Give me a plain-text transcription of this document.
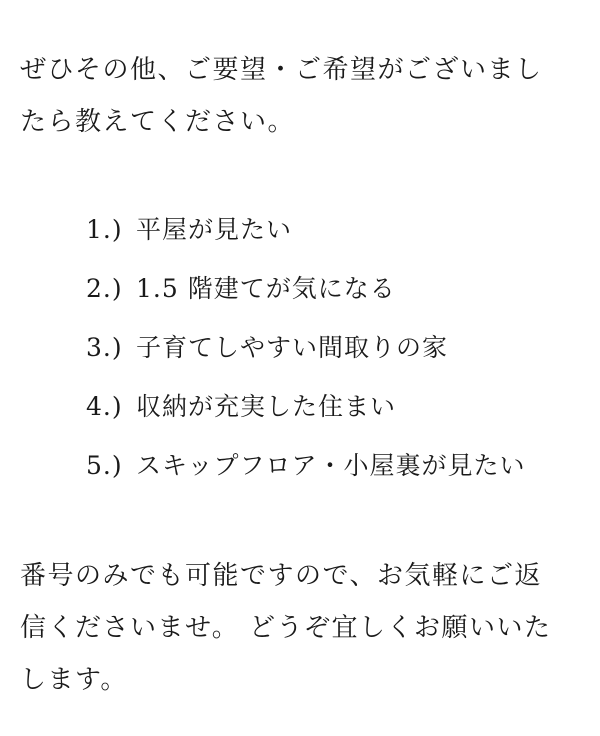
ぜひその他、ご要望・ご希望がございまし
たら教えてください。
1.) 平屋が見たい
2.) 1.5 階建てが気になる
3.) 子育てしやすい間取りの家
4.) 収納が充実した住まい
5.) スキップフロア・小屋裏が見たい
番号のみでも可能ですので、お気軽にご返
信くださいませ。 どうぞ宜しくお願いいた
します。
